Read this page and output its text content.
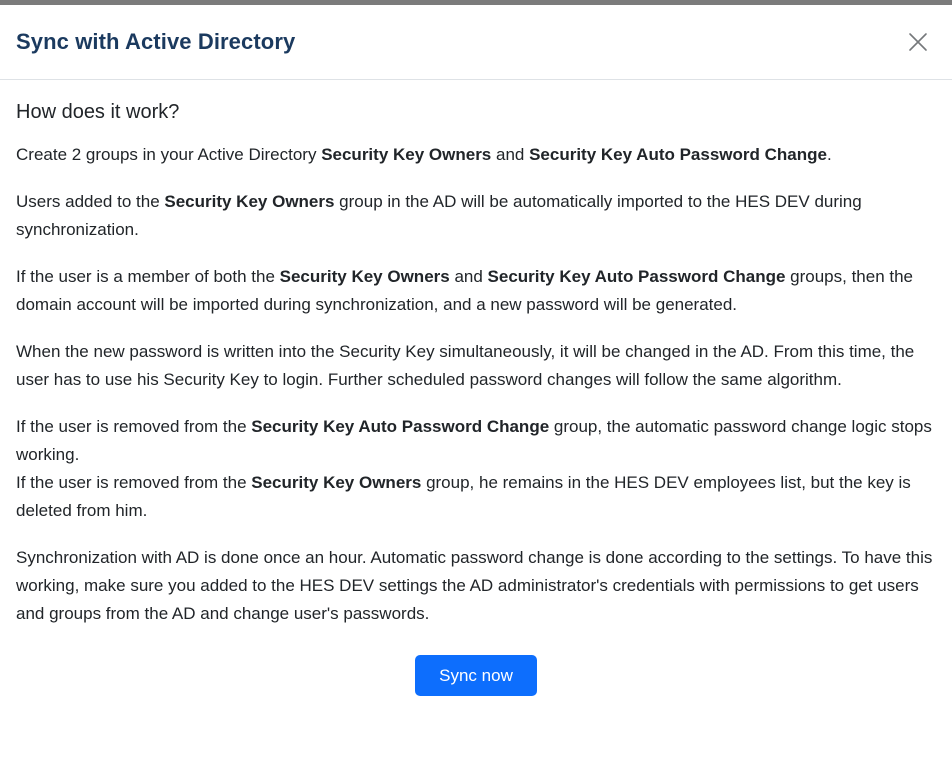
Sync with Active Directory
How does it work?

Create 2 groups in your Active Directory Security Key Owners and Security Key Auto Password Change.

Users added to the Security Key Owners group in the AD will be automatically imported to the HES DEV during synchronization.

If the user is a member of both the Security Key Owners and Security Key Auto Password Change groups, then the domain account will be imported during synchronization, and a new password will be generated.

When the new password is written into the Security Key simultaneously, it will be changed in the AD. From this time, the user has to use his Security Key to login. Further scheduled password changes will follow the same algorithm.

If the user is removed from the Security Key Auto Password Change group, the automatic password change logic stops working.
If the user is removed from the Security Key Owners group, he remains in the HES DEV employees list, but the key is deleted from him.

Synchronization with AD is done once an hour. Automatic password change is done according to the settings. To have this working, make sure you added to the HES DEV settings the AD administrator's credentials with permissions to get users and groups from the AD and change user's passwords.

Sync now
